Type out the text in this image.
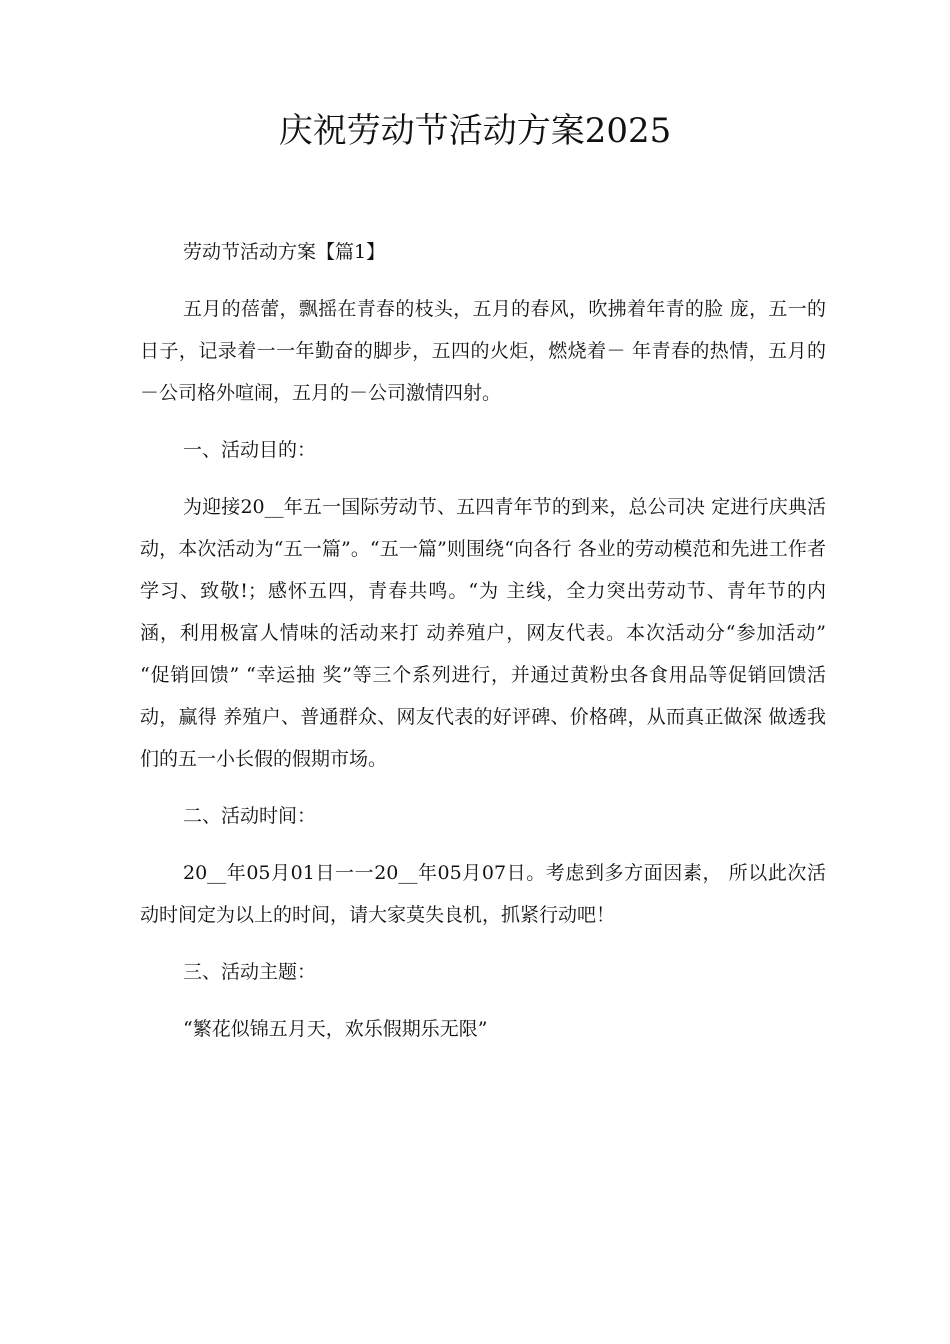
庆祝劳动节活动方案2025

劳动节活动方案【篇1】

五月的蓓蕾，飘摇在青春的枝头，五月的春风，吹拂着年青的脸 庞，五一的日子，记录着一一年勤奋的脚步，五四的火炬，燃烧着－ 年青春的热情，五月的－公司格外喧闹，五月的－公司激情四射。

一、活动目的：

为迎接20__年五一国际劳动节、五四青年节的到来，总公司决 定进行庆典活动，本次活动为“五一篇”。“五一篇”则围绕“向各行 各业的劳动模范和先进工作者学习、致敬!；感怀五四，青春共鸣。“为 主线，全力突出劳动节、青年节的内涵，利用极富人情味的活动来打 动养殖户，网友代表。本次活动分“参加活动” “促销回馈” “幸运抽 奖”等三个系列进行，并通过黄粉虫各食用品等促销回馈活动，赢得 养殖户、普通群众、网友代表的好评碑、价格碑，从而真正做深 做透我们的五一小长假的假期市场。

二、活动时间：

20__年05月01日一一20__年05月07日。考虑到多方面因素， 所以此次活动时间定为以上的时间，请大家莫失良机，抓紧行动吧！

三、活动主题：

“繁花似锦五月天，欢乐假期乐无限”
